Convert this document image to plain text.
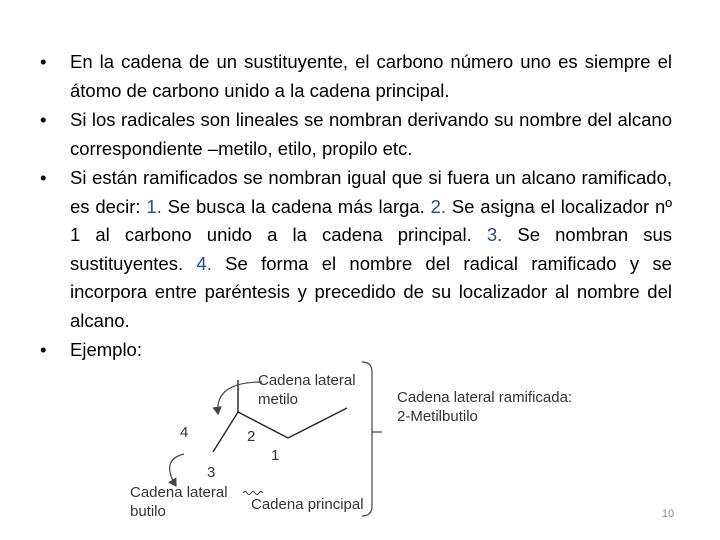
•	En la cadena de un sustituyente, el carbono número uno es siempre el átomo de carbono unido a la cadena principal.
•	Si los radicales son lineales se nombran derivando su nombre del alcano correspondiente –metilo, etilo, propilo etc.
•	Si están ramificados se nombran igual que si fuera un alcano ramificado, es decir: 1. Se busca la cadena más larga. 2. Se asigna el localizador nº 1 al carbono unido a la cadena principal. 3. Se nombran sus sustituyentes. 4. Se forma el nombre del radical ramificado y se incorpora entre paréntesis y precedido de su localizador al nombre del alcano.
•	Ejemplo:
Cadena lateral
metilo	Cadena lateral ramificada:
2-Metilbutilo
4	2
1
3
Cadena lateral
butilo	Cadena principal
10
